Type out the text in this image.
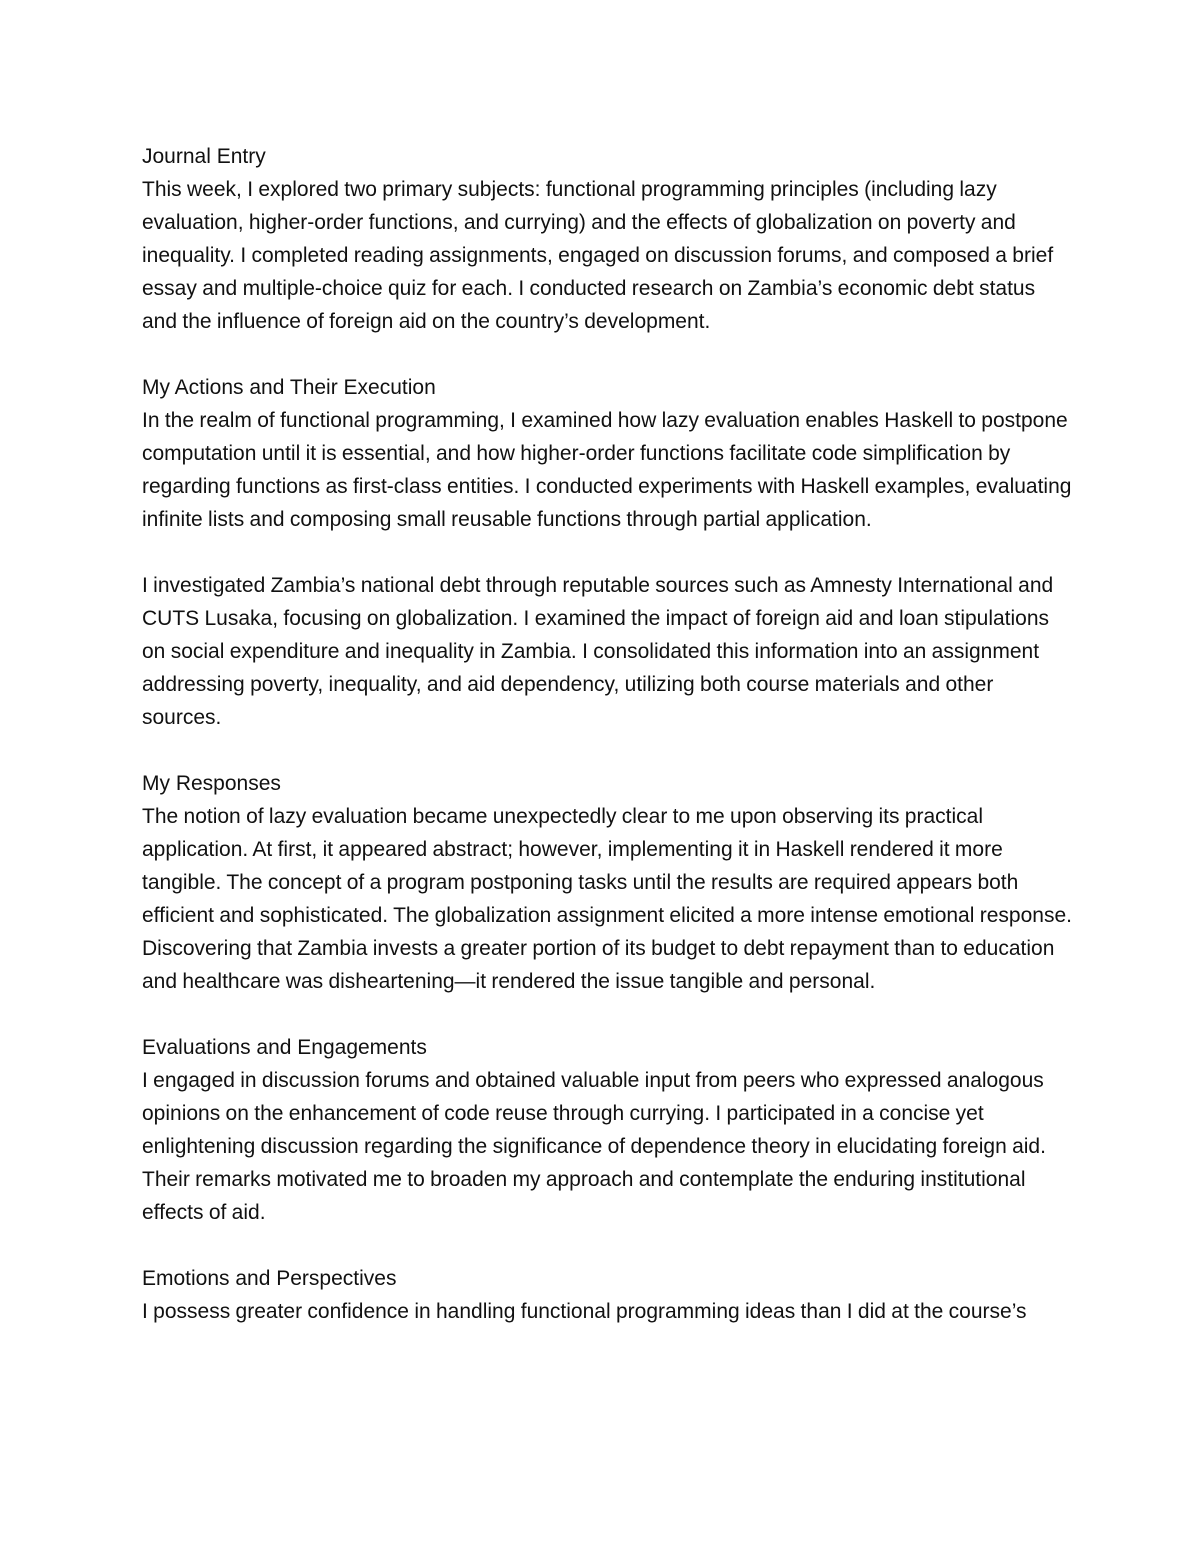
Journal Entry

This week, I explored two primary subjects: functional programming principles (including lazy evaluation, higher-order functions, and currying) and the effects of globalization on poverty and inequality. I completed reading assignments, engaged on discussion forums, and composed a brief essay and multiple-choice quiz for each. I conducted research on Zambia’s economic debt status and the influence of foreign aid on the country’s development.

My Actions and Their Execution

In the realm of functional programming, I examined how lazy evaluation enables Haskell to postpone computation until it is essential, and how higher-order functions facilitate code simplification by regarding functions as first-class entities. I conducted experiments with Haskell examples, evaluating infinite lists and composing small reusable functions through partial application.

I investigated Zambia’s national debt through reputable sources such as Amnesty International and CUTS Lusaka, focusing on globalization. I examined the impact of foreign aid and loan stipulations on social expenditure and inequality in Zambia. I consolidated this information into an assignment addressing poverty, inequality, and aid dependency, utilizing both course materials and other sources.

My Responses

The notion of lazy evaluation became unexpectedly clear to me upon observing its practical application. At first, it appeared abstract; however, implementing it in Haskell rendered it more tangible. The concept of a program postponing tasks until the results are required appears both efficient and sophisticated. The globalization assignment elicited a more intense emotional response. Discovering that Zambia invests a greater portion of its budget to debt repayment than to education and healthcare was disheartening—it rendered the issue tangible and personal.

Evaluations and Engagements

I engaged in discussion forums and obtained valuable input from peers who expressed analogous opinions on the enhancement of code reuse through currying. I participated in a concise yet enlightening discussion regarding the significance of dependence theory in elucidating foreign aid. Their remarks motivated me to broaden my approach and contemplate the enduring institutional effects of aid.

Emotions and Perspectives

I possess greater confidence in handling functional programming ideas than I did at the course’s
